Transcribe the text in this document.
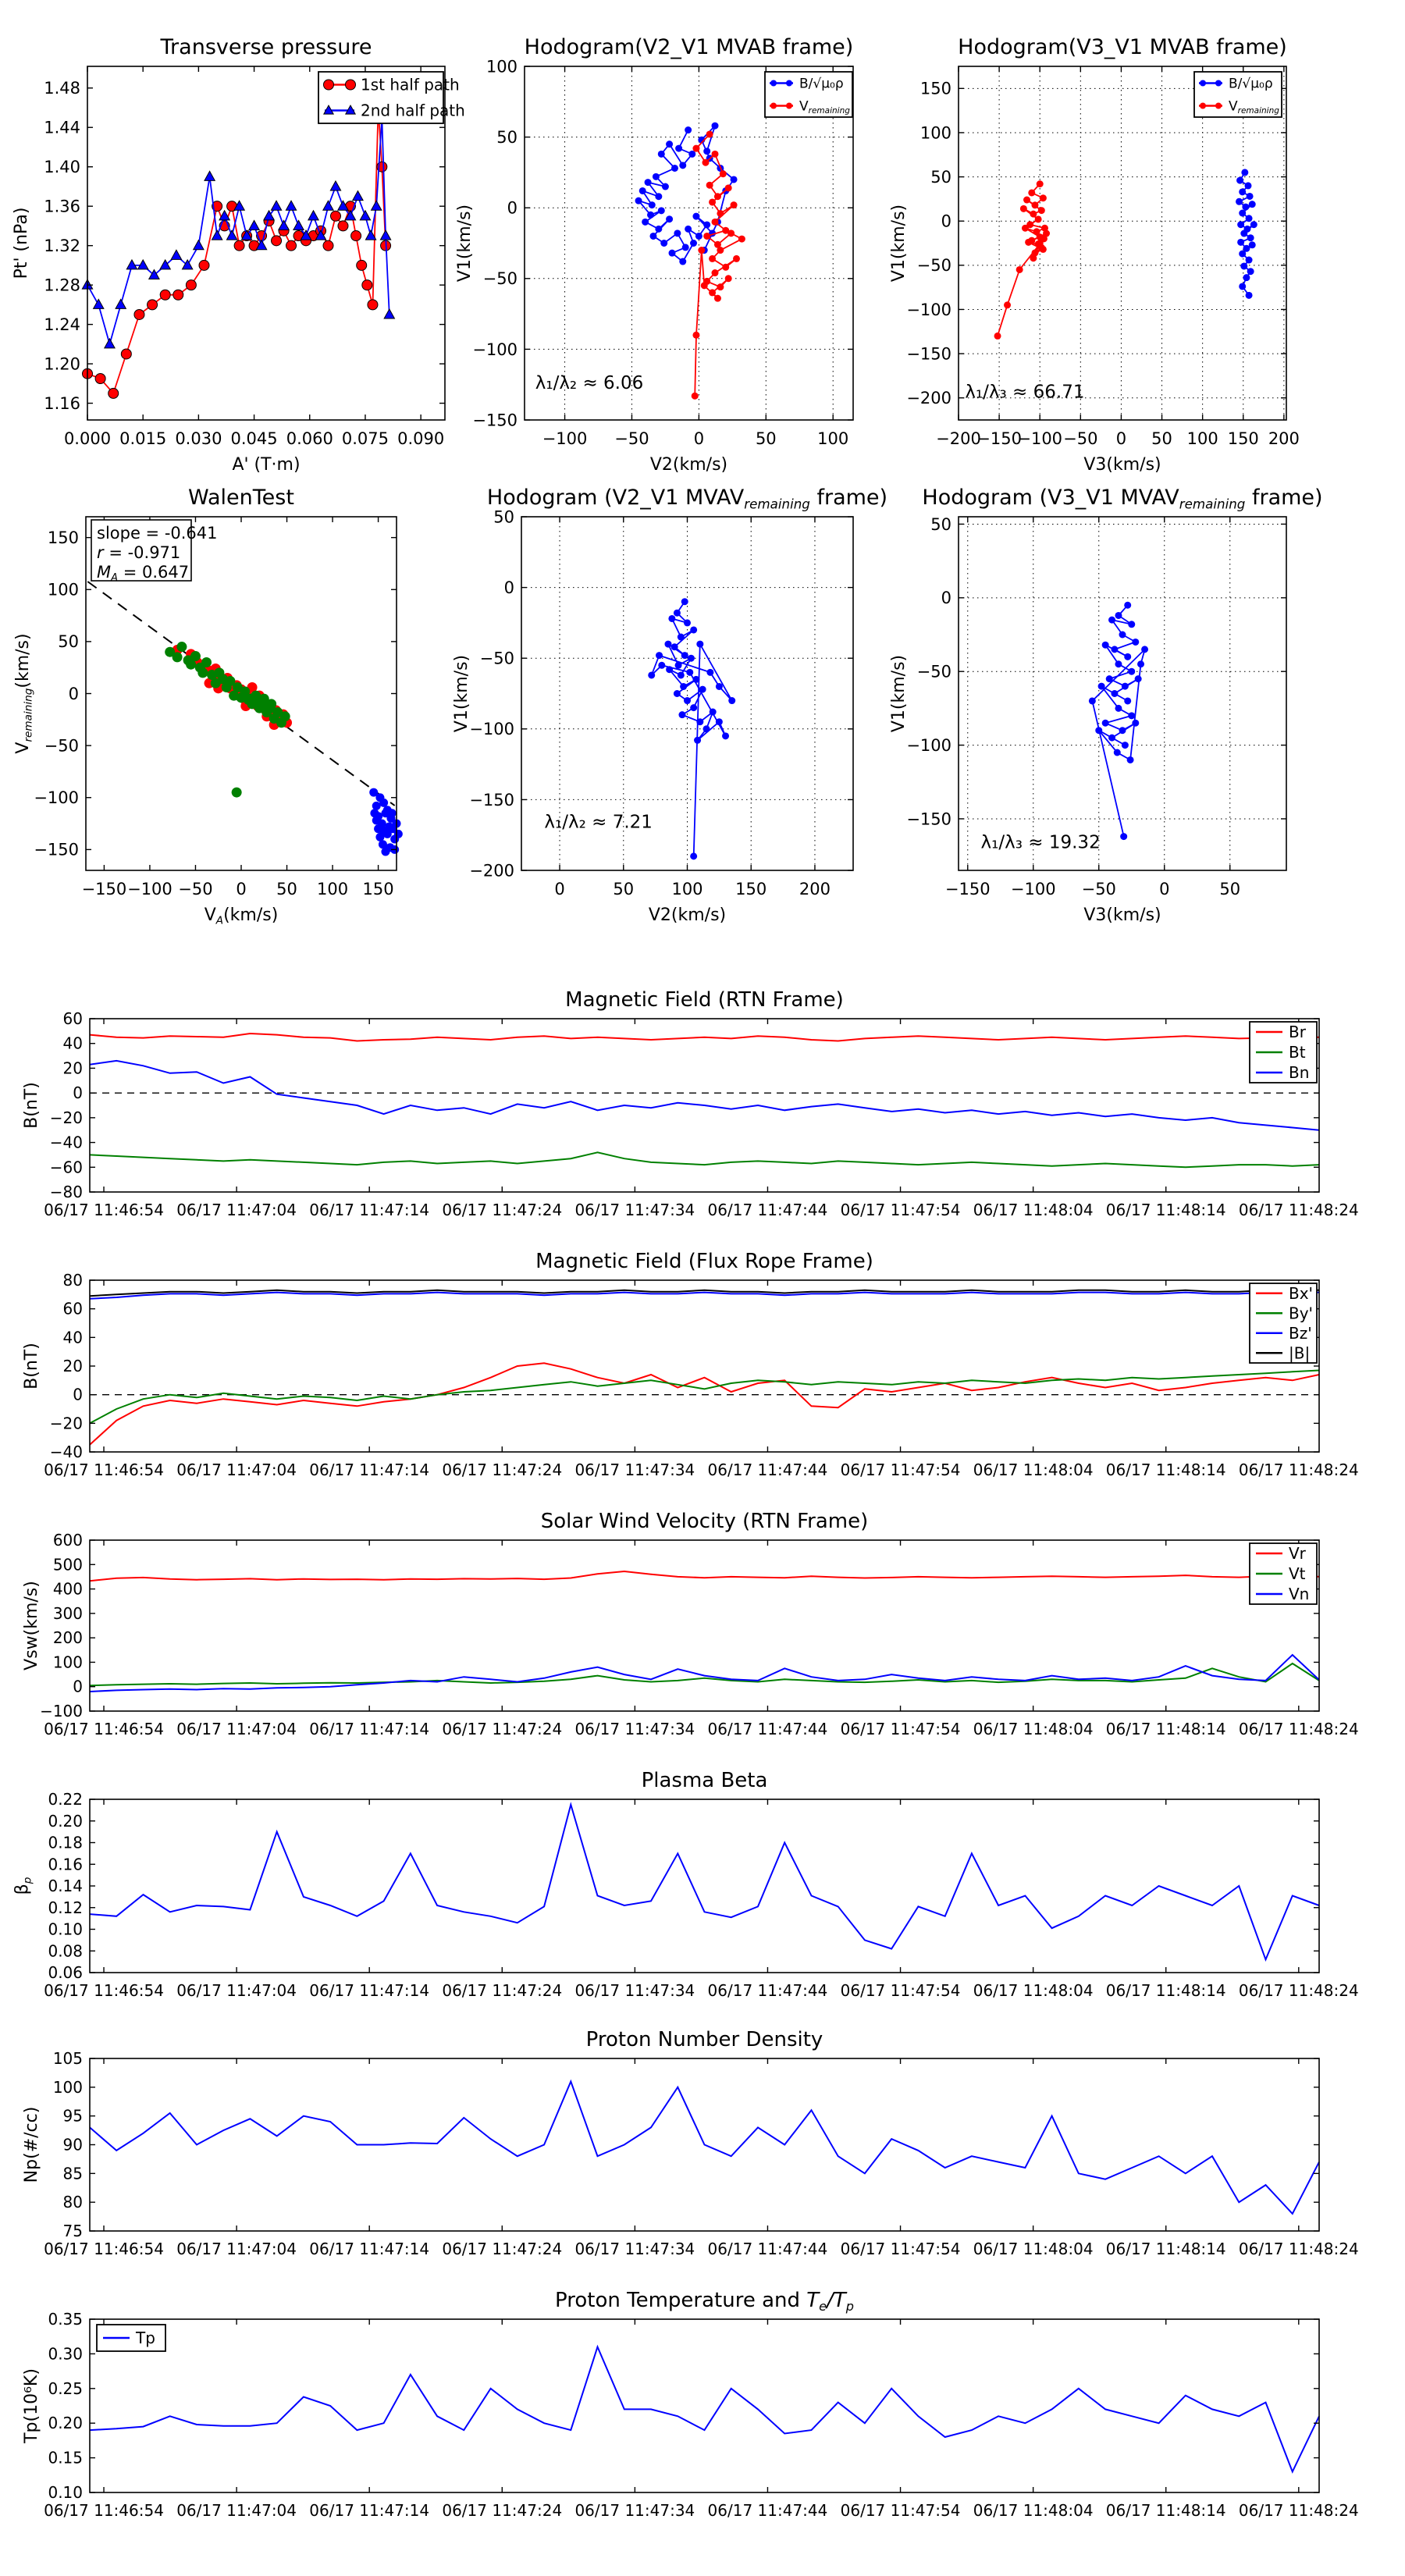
0.000 0.015 0.030 0.045 0.060 0.075 0.090
1.48
1.44
1.40
1.36
1.32
1.28
1.24
1.20
1.16
Transverse pressure
A' (T·m)
Pt' (nPa)
1st half path
2nd half path
−100 −50	0	50	100
100
50
0
−50
−100
−150
Hodogram(V2_V1 MVAB frame)
V2(km/s)
V1(km/s)
λ₁/λ₂ ≈ 6.06
B/√μ₀ρ
Vremaining
−200
−150
−100 −50 0 50 100 150 200
150
100
50
0
−50
−100
−150
−200
Hodogram(V3_V1 MVAB frame)
V3(km/s)
V1(km/s)
λ₁/λ₃ ≈ 66.71
B/√μ₀ρ
Vremaining
−150 −100 −50 0 50 100 150
150
100
50
0
−50
−100
−150
WalenTest
$V_A(km/s)$
$V_{remaining}(km/s)$
slope = -0.641
r = -0.971
$M_A = 0.647$
0	50 100 150 200
50
0
−50
−100
−150
−200
Hodogram (V2_V1 $MVAV_{remaining}$ frame)
V2(km/s)
V1(km/s)
λ₁/λ₂ ≈ 7.21
−150 −100 −50	0	50
50
0
−50
−100
−150
Hodogram (V3_V1 $MVAV_{remaining}$ frame)
V3(km/s)
V1(km/s)
λ₁/λ₃ ≈ 19.32
06/17 11:46:54 06/17 11:47:04 06/17 11:47:14 06/17 11:47:24 06/17 11:47:34 06/17 11:47:44 06/17 11:47:54 06/17 11:48:04 06/17 11:48:14 06/17 11:48:24
60
40
20
0
−20
−40
−60
−80
Magnetic Field (RTN Frame)
B(nT)
Br
Bt
Bn
06/17 11:46:54 06/17 11:47:04 06/17 11:47:14 06/17 11:47:24 06/17 11:47:34 06/17 11:47:44 06/17 11:47:54 06/17 11:48:04 06/17 11:48:14 06/17 11:48:24
80
60
40
20
0
−20
−40
Magnetic Field (Flux Rope Frame)
B(nT)
Bx'
By'
Bz'
|B|
06/17 11:46:54 06/17 11:47:04 06/17 11:47:14 06/17 11:47:24 06/17 11:47:34 06/17 11:47:44 06/17 11:47:54 06/17 11:48:04 06/17 11:48:14 06/17 11:48:24
600
500
400
300
200
100
0
−100
Solar Wind Velocity (RTN Frame)
Vsw(km/s)
Vr
Vt
Vn
06/17 11:46:54 06/17 11:47:04 06/17 11:47:14 06/17 11:47:24 06/17 11:47:34 06/17 11:47:44 06/17 11:47:54 06/17 11:48:04 06/17 11:48:14 06/17 11:48:24
0.22
0.20
0.18
0.16
0.14
0.12
0.10
0.08
0.06
Plasma Beta
$\beta_p$
06/17 11:46:54 06/17 11:47:04 06/17 11:47:14 06/17 11:47:24 06/17 11:47:34 06/17 11:47:44 06/17 11:47:54 06/17 11:48:04 06/17 11:48:14 06/17 11:48:24
105
100
95
90
85
80
75
Proton Number Density
Np(#/cc)
06/17 11:46:54 06/17 11:47:04 06/17 11:47:14 06/17 11:47:24 06/17 11:47:34 06/17 11:47:44 06/17 11:47:54 06/17 11:48:04 06/17 11:48:14 06/17 11:48:24
0.35
0.30
0.25
0.20
0.15
0.10
Proton Temperature and $T_e/T_p$
Tp(10⁶K)
Tp
